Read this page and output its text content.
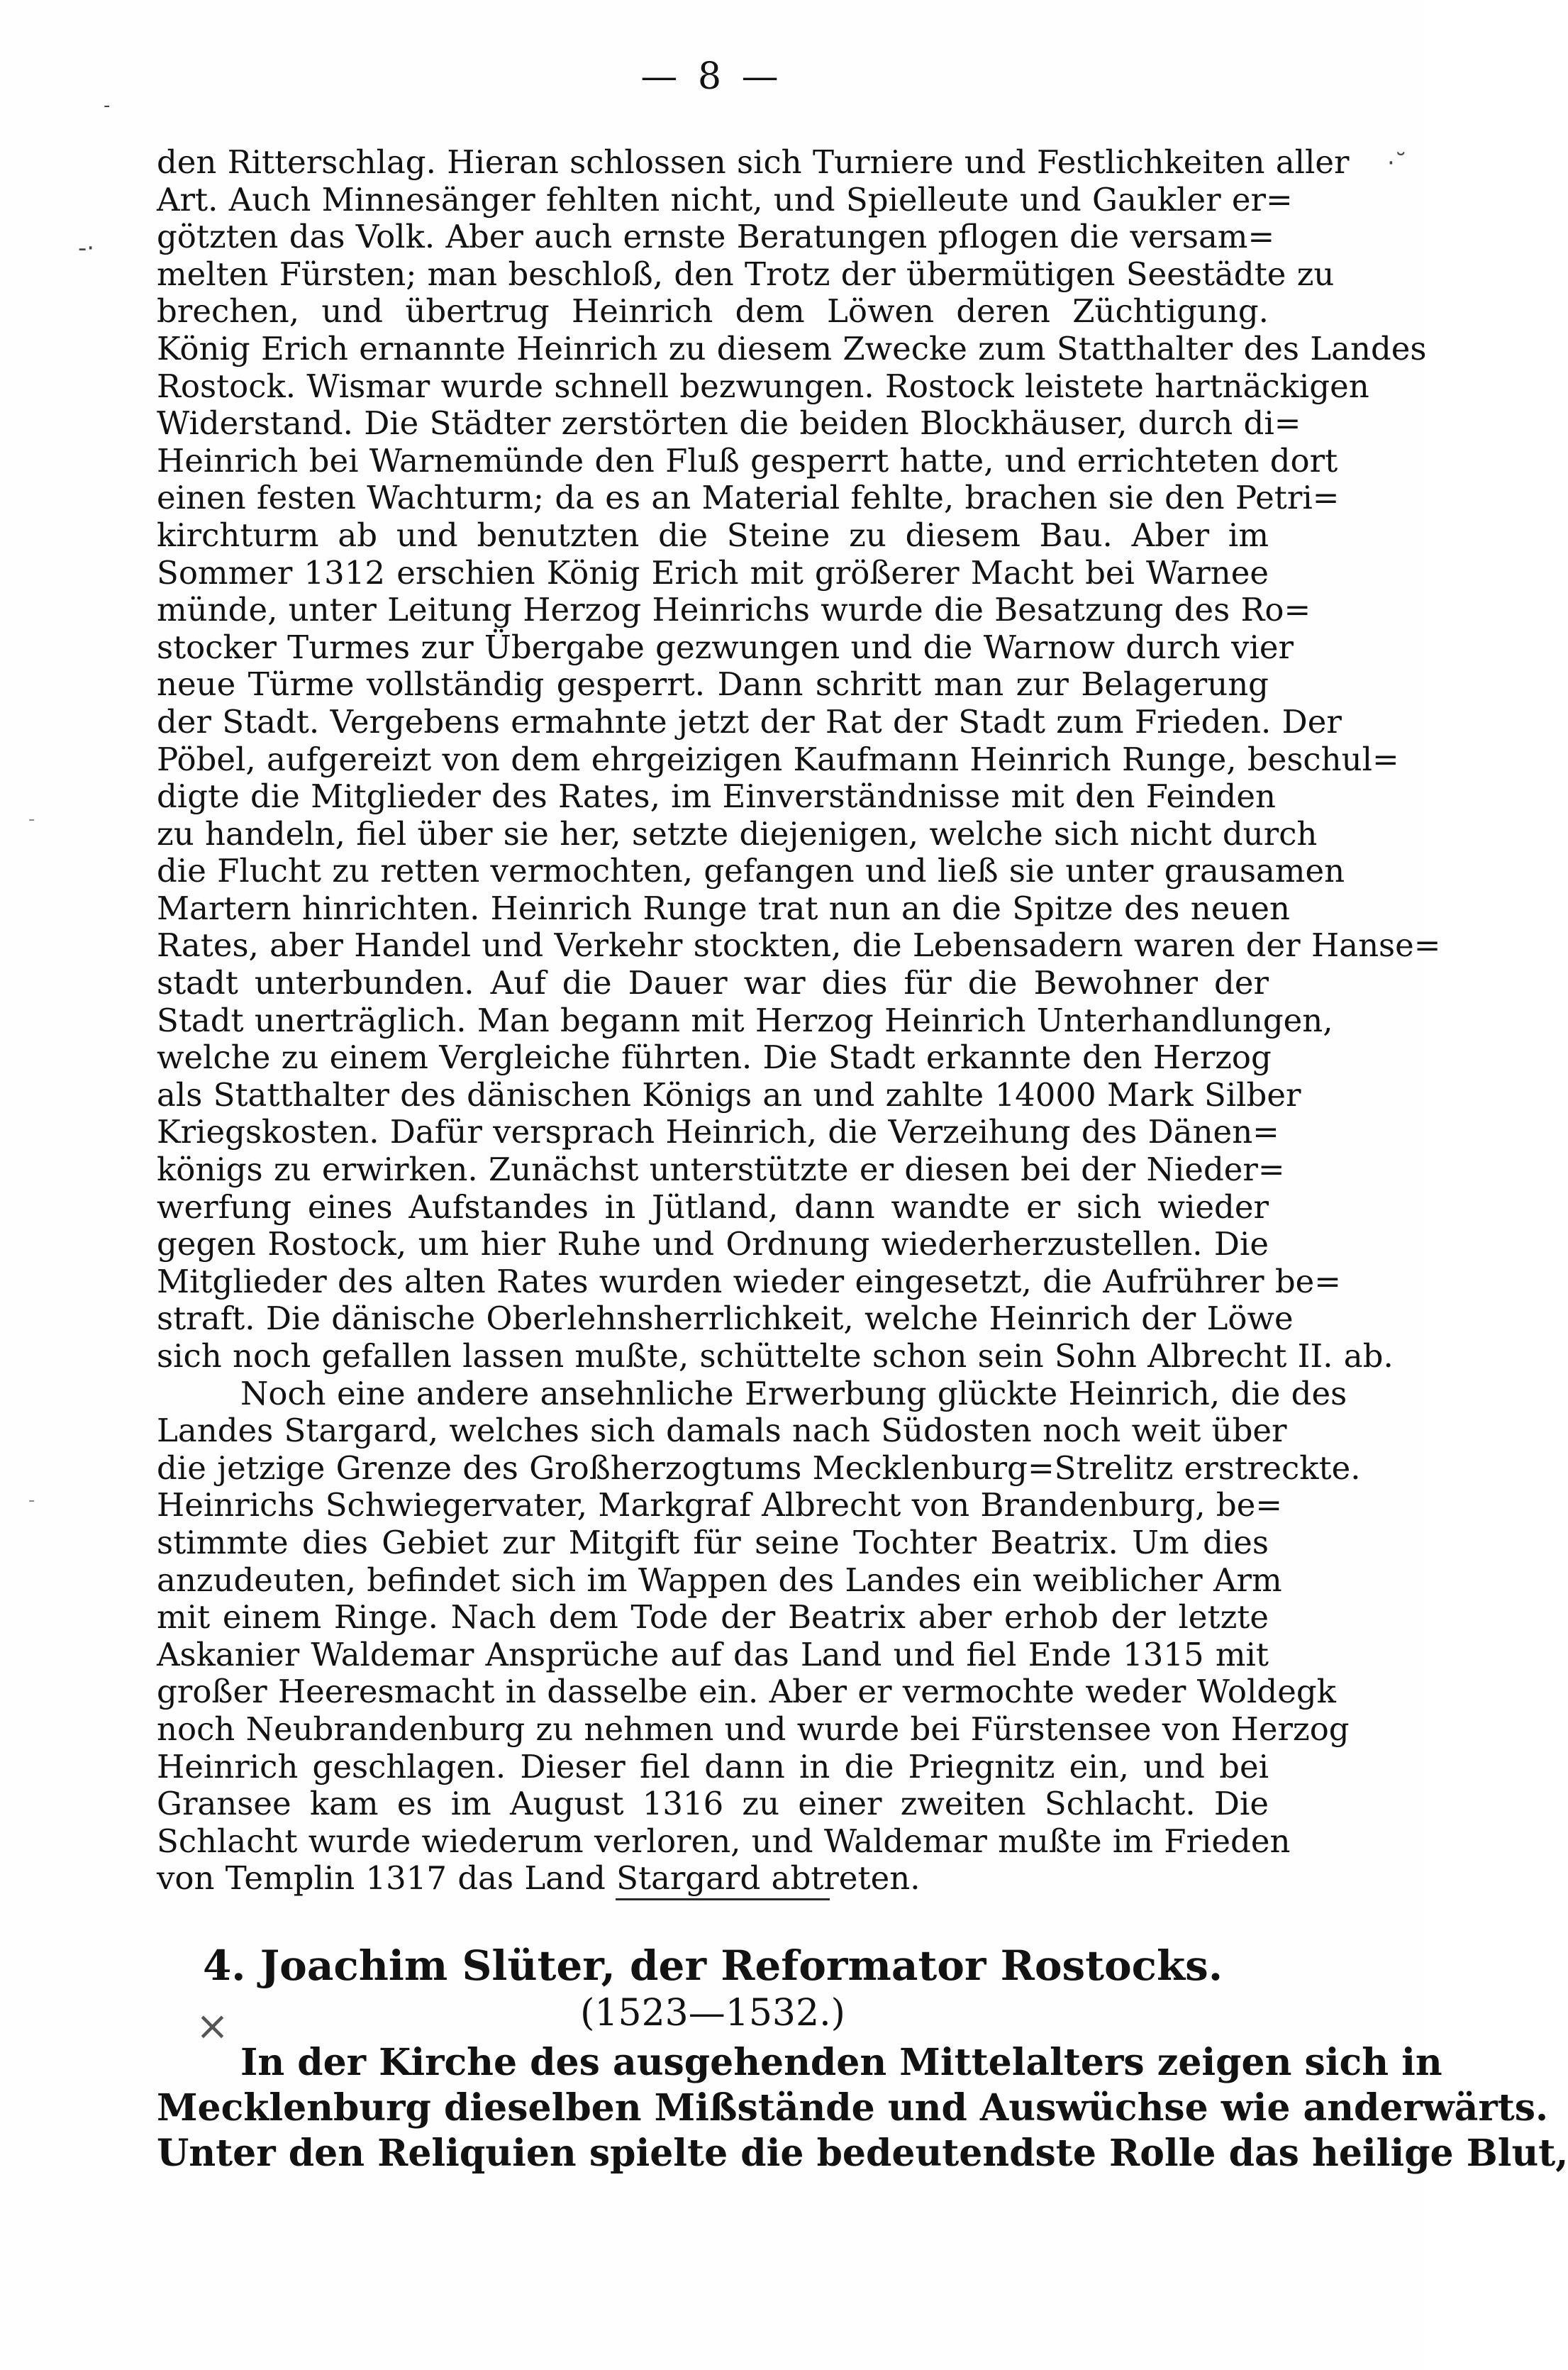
— 8 —
·˘
-·
-
-
-
den Ritterschlag. Hieran schlossen sich Turniere und Festlichkeiten aller
Art. Auch Minnesänger fehlten nicht, und Spielleute und Gaukler er=
götzten das Volk. Aber auch ernste Beratungen pflogen die versam=
melten Fürsten; man beschloß, den Trotz der übermütigen Seestädte zu
brechen, und übertrug Heinrich dem Löwen deren Züchtigung.
König Erich ernannte Heinrich zu diesem Zwecke zum Statthalter des Landes
Rostock. Wismar wurde schnell bezwungen. Rostock leistete hartnäckigen
Widerstand. Die Städter zerstörten die beiden Blockhäuser, durch di=
Heinrich bei Warnemünde den Fluß gesperrt hatte, und errichteten dort
einen festen Wachturm; da es an Material fehlte, brachen sie den Petri=
kirchturm ab und benutzten die Steine zu diesem Bau. Aber im
Sommer 1312 erschien König Erich mit größerer Macht bei Warnee
münde, unter Leitung Herzog Heinrichs wurde die Besatzung des Ro=
stocker Turmes zur Übergabe gezwungen und die Warnow durch vier
neue Türme vollständig gesperrt. Dann schritt man zur Belagerung
der Stadt. Vergebens ermahnte jetzt der Rat der Stadt zum Frieden. Der
Pöbel, aufgereizt von dem ehrgeizigen Kaufmann Heinrich Runge, beschul=
digte die Mitglieder des Rates, im Einverständnisse mit den Feinden
zu handeln, fiel über sie her, setzte diejenigen, welche sich nicht durch
die Flucht zu retten vermochten, gefangen und ließ sie unter grausamen
Martern hinrichten. Heinrich Runge trat nun an die Spitze des neuen
Rates, aber Handel und Verkehr stockten, die Lebensadern waren der Hanse=
stadt unterbunden. Auf die Dauer war dies für die Bewohner der
Stadt unerträglich. Man begann mit Herzog Heinrich Unterhandlungen,
welche zu einem Vergleiche führten. Die Stadt erkannte den Herzog
als Statthalter des dänischen Königs an und zahlte 14000 Mark Silber
Kriegskosten. Dafür versprach Heinrich, die Verzeihung des Dänen=
königs zu erwirken. Zunächst unterstützte er diesen bei der Nieder=
werfung eines Aufstandes in Jütland, dann wandte er sich wieder
gegen Rostock, um hier Ruhe und Ordnung wiederherzustellen. Die
Mitglieder des alten Rates wurden wieder eingesetzt, die Aufrührer be=
straft. Die dänische Oberlehnsherrlichkeit, welche Heinrich der Löwe
sich noch gefallen lassen mußte, schüttelte schon sein Sohn Albrecht II. ab.
Noch eine andere ansehnliche Erwerbung glückte Heinrich, die des
Landes Stargard, welches sich damals nach Südosten noch weit über
die jetzige Grenze des Großherzogtums Mecklenburg=Strelitz erstreckte.
Heinrichs Schwiegervater, Markgraf Albrecht von Brandenburg, be=
stimmte dies Gebiet zur Mitgift für seine Tochter Beatrix. Um dies
anzudeuten, befindet sich im Wappen des Landes ein weiblicher Arm
mit einem Ringe. Nach dem Tode der Beatrix aber erhob der letzte
Askanier Waldemar Ansprüche auf das Land und fiel Ende 1315 mit
großer Heeresmacht in dasselbe ein. Aber er vermochte weder Woldegk
noch Neubrandenburg zu nehmen und wurde bei Fürstensee von Herzog
Heinrich geschlagen. Dieser fiel dann in die Priegnitz ein, und bei
Gransee kam es im August 1316 zu einer zweiten Schlacht. Die
Schlacht wurde wiederum verloren, und Waldemar mußte im Frieden
von Templin 1317 das Land Stargard abtreten.
4. Joachim Slüter, der Reformator Rostocks.
(1523—1532.)
×
In der Kirche des ausgehenden Mittelalters zeigen sich in
Mecklenburg dieselben Mißstände und Auswüchse wie anderwärts.
Unter den Reliquien spielte die bedeutendste Rolle das heilige Blut,
